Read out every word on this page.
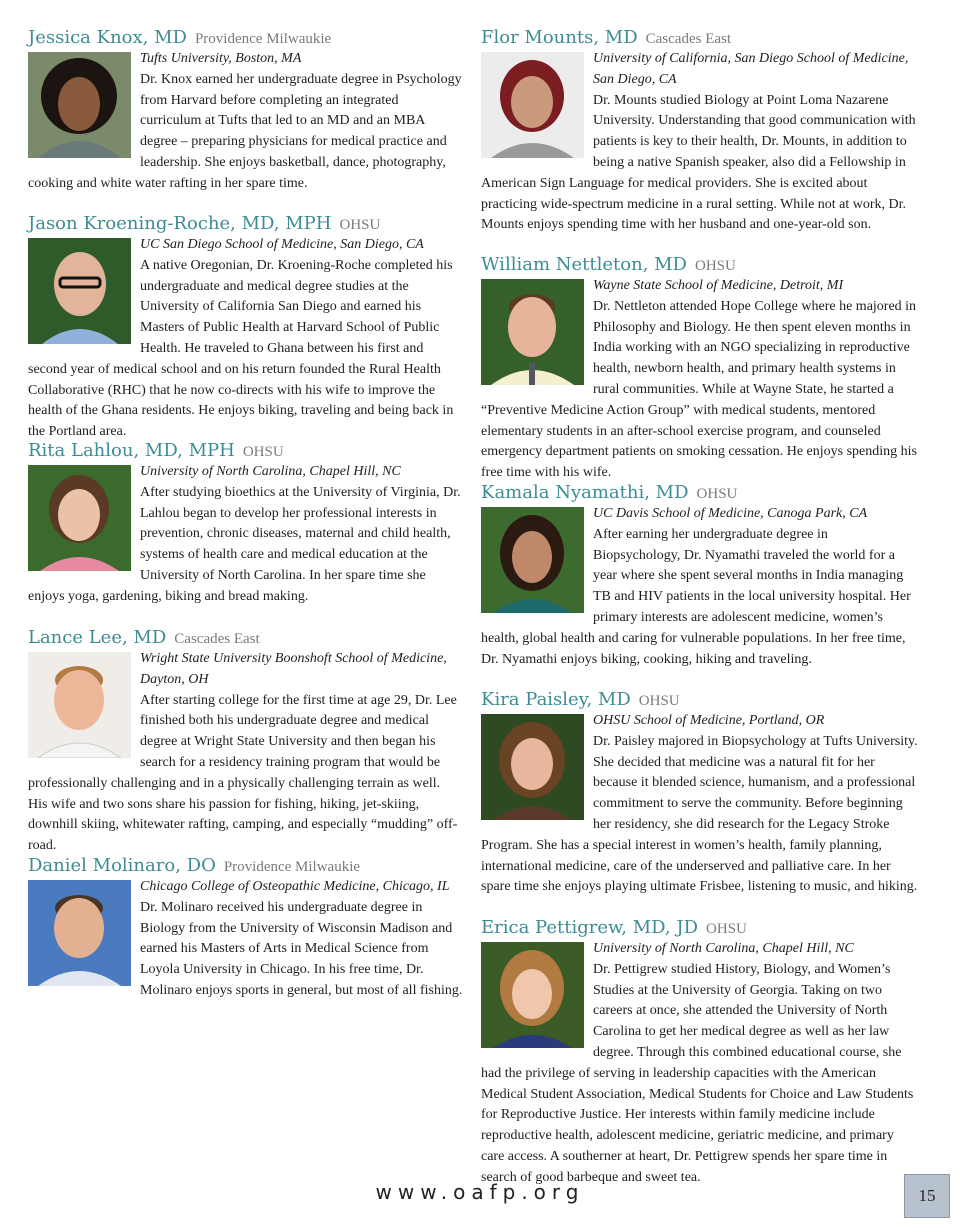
Jessica Knox, MD Providence Milwaukie
Tufts University, Boston, MA
Dr. Knox earned her undergraduate degree in Psychology from Harvard before completing an integrated curriculum at Tufts that led to an MD and an MBA degree – preparing physicians for medical practice and leadership. She enjoys basketball, dance, photography, cooking and white water rafting in her spare time.
Jason Kroening-Roche, MD, MPH OHSU
UC San Diego School of Medicine, San Diego, CA
A native Oregonian, Dr. Kroening-Roche completed his undergraduate and medical degree studies at the University of California San Diego and earned his Masters of Public Health at Harvard School of Public Health. He traveled to Ghana between his first and second year of medical school and on his return founded the Rural Health Collaborative (RHC) that he now co-directs with his wife to improve the health of the Ghana residents. He enjoys biking, traveling and being back in the Portland area.
Rita Lahlou, MD, MPH OHSU
University of North Carolina, Chapel Hill, NC
After studying bioethics at the University of Virginia, Dr. Lahlou began to develop her professional interests in prevention, chronic diseases, maternal and child health, systems of health care and medical education at the University of North Carolina. In her spare time she enjoys yoga, gardening, biking and bread making.
Lance Lee, MD Cascades East
Wright State University Boonshoft School of Medicine, Dayton, OH
After starting college for the first time at age 29, Dr. Lee finished both his undergraduate degree and medical degree at Wright State University and then began his search for a residency training program that would be professionally challenging and in a physically challenging terrain as well. His wife and two sons share his passion for fishing, hiking, jet-skiing, downhill skiing, whitewater rafting, camping, and especially “mudding” off-road.
Daniel Molinaro, DO Providence Milwaukie
Chicago College of Osteopathic Medicine, Chicago, IL
Dr. Molinaro received his undergraduate degree in Biology from the University of Wisconsin Madison and earned his Masters of Arts in Medical Science from Loyola University in Chicago. In his free time, Dr. Molinaro enjoys sports in general, but most of all fishing.
Flor Mounts, MD Cascades East
University of California, San Diego School of Medicine, San Diego, CA
Dr. Mounts studied Biology at Point Loma Nazarene University. Understanding that good communication with patients is key to their health, Dr. Mounts, in addition to being a native Spanish speaker, also did a Fellowship in American Sign Language for medical providers. She is excited about practicing wide-spectrum medicine in a rural setting. While not at work, Dr. Mounts enjoys spending time with her husband and one-year-old son.
William Nettleton, MD OHSU
Wayne State School of Medicine, Detroit, MI
Dr. Nettleton attended Hope College where he majored in Philosophy and Biology. He then spent eleven months in India working with an NGO specializing in reproductive health, newborn health, and primary health systems in rural communities. While at Wayne State, he started a “Preventive Medicine Action Group” with medical students, mentored elementary students in an after-school exercise program, and counseled emergency department patients on smoking cessation. He enjoys spending his free time with his wife.
Kamala Nyamathi, MD OHSU
UC Davis School of Medicine, Canoga Park, CA
After earning her undergraduate degree in Biopsychology, Dr. Nyamathi traveled the world for a year where she spent several months in India managing TB and HIV patients in the local university hospital. Her primary interests are adolescent medicine, women’s health, global health and caring for vulnerable populations. In her free time, Dr. Nyamathi enjoys biking, cooking, hiking and traveling.
Kira Paisley, MD OHSU
OHSU School of Medicine, Portland, OR
Dr. Paisley majored in Biopsychology at Tufts University. She decided that medicine was a natural fit for her because it blended science, humanism, and a professional commitment to serve the community. Before beginning her residency, she did research for the Legacy Stroke Program. She has a special interest in women’s health, family planning, international medicine, care of the underserved and palliative care. In her spare time she enjoys playing ultimate Frisbee, listening to music, and hiking.
Erica Pettigrew, MD, JD OHSU
University of North Carolina, Chapel Hill, NC
Dr. Pettigrew studied History, Biology, and Women’s Studies at the University of Georgia. Taking on two careers at once, she attended the University of North Carolina to get her medical degree as well as her law degree. Through this combined educational course, she had the privilege of serving in leadership capacities with the American Medical Student Association, Medical Students for Choice and Law Students for Reproductive Justice. Her interests within family medicine include reproductive health, adolescent medicine, geriatric medicine, and primary care access. A southerner at heart, Dr. Pettigrew spends her spare time in search of good barbeque and sweet tea.
www.oafp.org	15
